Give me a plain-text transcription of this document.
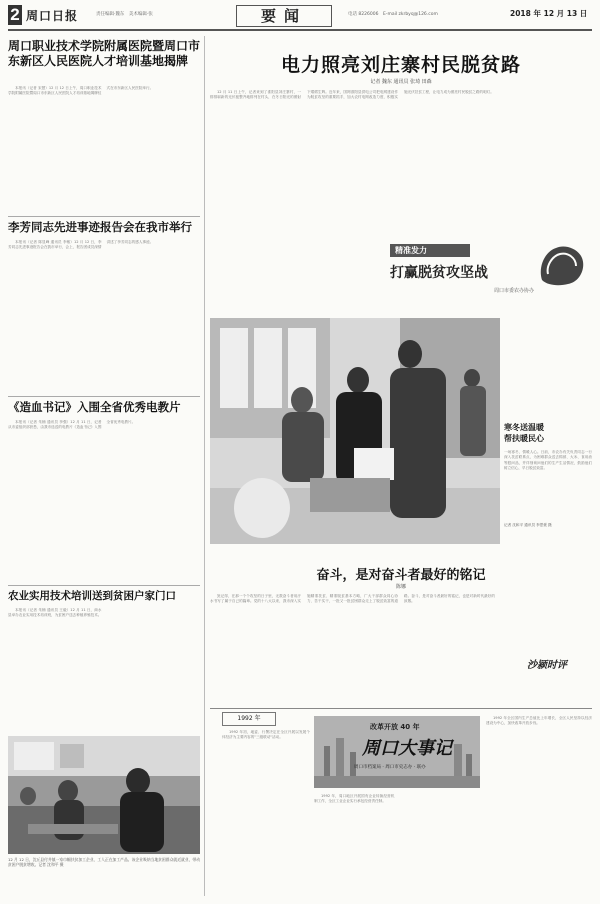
2 周口日报	责任编辑·魏东　美术编辑·张	要闻	电话 8226006　E-mail zkrbyq@126.com	2018 年 12 月 13 日
周口职业技术学院附属医院暨周口市东新区人民医院人才培训基地揭牌

本报讯（记者 宋慧）12 月 12 日上午，周口职业技术学院附属医院暨周口市东新区人民医院人才培训基地揭牌仪式在市东新区人民医院举行。

李芳同志先进事迹报告会在我市举行

本报讯（记者 陈显峰 通讯员 李敏）12 月 12 日，李芳同志先进事迹报告会在我市举行，会上，报告团成员深情讲述了李芳同志的感人事迹。

《造血书记》入围全省优秀电教片

本报讯（记者 朱楠 通讯员 李强）12 月 11 日，记者从市委组织部获悉，由我市选送的电教片《造血书记》入围全省优秀电教片。

农业实用技术培训送到贫困户家门口

本报讯（记者 朱楠 通讯员 王毅）12 月 11 日，商水县举办农业实用技术培训班，为贫困户送去种植养殖技术。

12 月 12 日，沈丘县付井镇一家巾帼扶贫加工企业，工人正在加工产品。该企业吸纳当地贫困群众就近就业，带动贫困户脱贫增收。记者 沈和平 摄
电力照亮刘庄寨村民脱贫路
记者 魏东 通讯员 张琦 田森

12 月 11 日上午，记者来到了淮阳县刘庄寨村，一排排崭新的光伏板整齐地排列在村头，在冬日阳光的照射下熠熠生辉。近年来，国网淮阳县供电公司把电网建设作为脱贫攻坚的重要抓手，加大农村电网改造力度，积极实施光伏扶贫工程，让电力成为照亮村民脱贫之路的明灯。

精准发力
打赢脱贫攻坚战
周口市委农办协办
寒冬送温暖
帮扶暖民心
一场寒冬，情暖人心。日前，市农办有关负责同志一行深入扶贫联系点，为困难群众送去棉被、大米、食用油等慰问品，并详细询问他们的生产生活情况，鼓励他们树立信心，早日脱贫致富。
记者 沈和平 通讯员 李思豪 摄
奋斗，是对奋斗者最好的铭记
陈娜

犹记得，在那一个个攻坚的日子里，无数奋斗者用汗水书写了属于自己的篇章。党的十八大以来，我市深入实施精准扶贫、精准脱贫基本方略，广大干部群众同心协力、苦干实干，一批又一批贫困群众走上了脱贫致富的道路。奋斗，是对奋斗者最好的铭记，也是对新时代最好的致敬。

沙颍时评
1992 年

1992 年初，地委、行署决定在全区开展以发展个体经济为主要内容的"三级联动"活动。

改革开放 40 年
周口大事记
周口市档案局 · 周口市史志办 · 联办

1992 年，周口地区开展国有企业转换经营机制工作，全区工业企业实行承包经营责任制。

1992 年全区国内生产总值比上年增长，全区人民坚持以经济建设为中心，加快改革开放步伐。
